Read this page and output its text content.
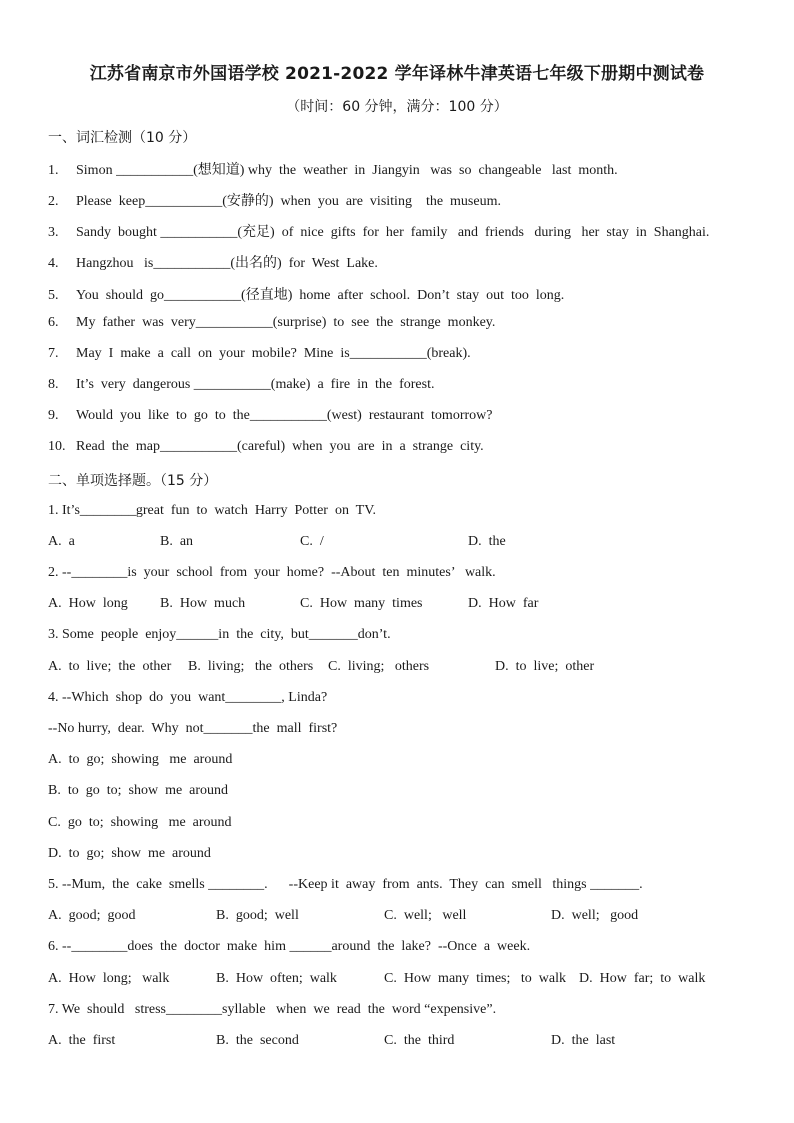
江苏省南京市外国语学校 2021-2022 学年译林牛津英语七年级下册期中测试卷
（时间：60 分钟，满分：100 分）
一、词汇检测（10 分）
1. Simon ___________(想知道) why  the  weather  in  Jiangyin   was  so  changeable   last  month.
2. Please  keep___________(安静的)  when  you  are  visiting    the  museum.
3. Sandy  bought ___________(充足)  of  nice  gifts  for  her  family   and  friends   during   her  stay  in  Shanghai.
4. Hangzhou   is___________(出名的)  for  West  Lake.
5. You  should  go___________(径直地)  home  after  school.  Don’t  stay  out  too  long.
6. My  father  was  very___________(surprise)  to  see  the  strange  monkey.
7. May  I  make  a  call  on  your  mobile?  Mine  is___________(break).
8. It’s  very  dangerous ___________(make)  a  fire  in  the  forest.
9. Would  you  like  to  go  to  the___________(west)  restaurant  tomorrow?
10. Read  the  map___________(careful)  when  you  are  in  a  strange  city.
二、单项选择题。（15 分）
1. It’s________great  fun  to  watch  Harry  Potter  on  TV.
A.  a	B.  an	C.  /	D.  the
2. --________is  your  school  from  your  home?  --About  ten  minutes’   walk.
A.  How  long B.  How  much	C.  How  many  times	D.  How  far
3. Some  people  enjoy______in  the  city,  but_______don’t.
A.  to  live;  the  other B.  living;   the  others C.  living;   others	D.  to  live;  other
4. --Which  shop  do  you  want________, Linda?
--No hurry,  dear.  Why  not_______the  mall  first?
A.  to  go;  showing   me  around
B.  to  go  to;  show  me  around
C.  go  to;  showing   me  around
D.  to  go;  show  me  around
5. --Mum,  the  cake  smells ________.      --Keep it  away  from  ants.  They  can  smell   things _______.
A.  good;  good	B.  good;  well	C.  well;   well	D.  well;   good
6. --________does  the  doctor  make  him ______around  the  lake?  --Once  a  week.
A.  How  long;   walk	B.  How  often;  walk	C.  How  many  times;   to  walk D.  How  far;  to  walk
7. We  should   stress________syllable   when  we  read  the  word “expensive”.
A.  the  first	B.  the  second	C.  the  third	D.  the  last
